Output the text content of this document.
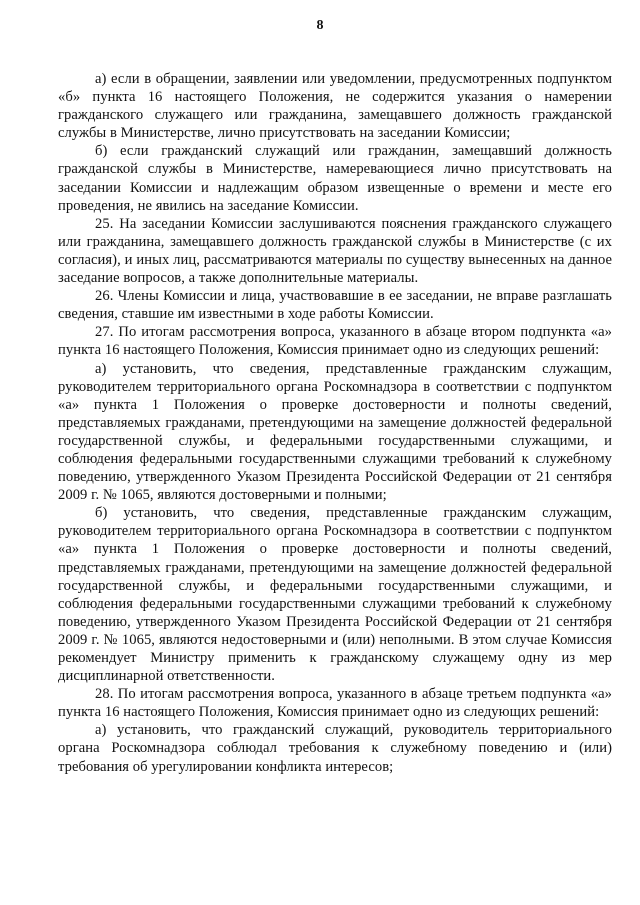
8

а) если в обращении, заявлении или уведомлении, предусмотренных подпунктом «б» пункта 16 настоящего Положения, не содержится указания о намерении гражданского служащего или гражданина, замещавшего должность гражданской службы в Министерстве, лично присутствовать на заседании Комиссии;

б) если гражданский служащий или гражданин, замещавший должность гражданской службы в Министерстве, намеревающиеся лично присутствовать на заседании Комиссии и надлежащим образом извещенные о времени и месте его проведения, не явились на заседание Комиссии.

25. На заседании Комиссии заслушиваются пояснения гражданского служащего или гражданина, замещавшего должность гражданской службы в Министерстве (с их согласия), и иных лиц, рассматриваются материалы по существу вынесенных на данное заседание вопросов, а также дополнительные материалы.

26. Члены Комиссии и лица, участвовавшие в ее заседании, не вправе разглашать сведения, ставшие им известными в ходе работы Комиссии.

27. По итогам рассмотрения вопроса, указанного в абзаце втором подпункта «а» пункта 16 настоящего Положения, Комиссия принимает одно из следующих решений:

а) установить, что сведения, представленные гражданским служащим, руководителем территориального органа Роскомнадзора в соответствии с подпунктом «а» пункта 1 Положения о проверке достоверности и полноты сведений, представляемых гражданами, претендующими на замещение должностей федеральной государственной службы, и федеральными государственными служащими, и соблюдения федеральными государственными служащими требований к служебному поведению, утвержденного Указом Президента Российской Федерации от 21 сентября 2009 г. № 1065, являются достоверными и полными;

б) установить, что сведения, представленные гражданским служащим, руководителем территориального органа Роскомнадзора в соответствии с подпунктом «а» пункта 1 Положения о проверке достоверности и полноты сведений, представляемых гражданами, претендующими на замещение должностей федеральной государственной службы, и федеральными государственными служащими, и соблюдения федеральными государственными служащими требований к служебному поведению, утвержденного Указом Президента Российской Федерации от 21 сентября 2009 г. № 1065, являются недостоверными и (или) неполными. В этом случае Комиссия рекомендует Министру применить к гражданскому служащему одну из мер дисциплинарной ответственности.

28. По итогам рассмотрения вопроса, указанного в абзаце третьем подпункта «а» пункта 16 настоящего Положения, Комиссия принимает одно из следующих решений:

а) установить, что гражданский служащий, руководитель территориального органа Роскомнадзора соблюдал требования к служебному поведению и (или) требования об урегулировании конфликта интересов;
